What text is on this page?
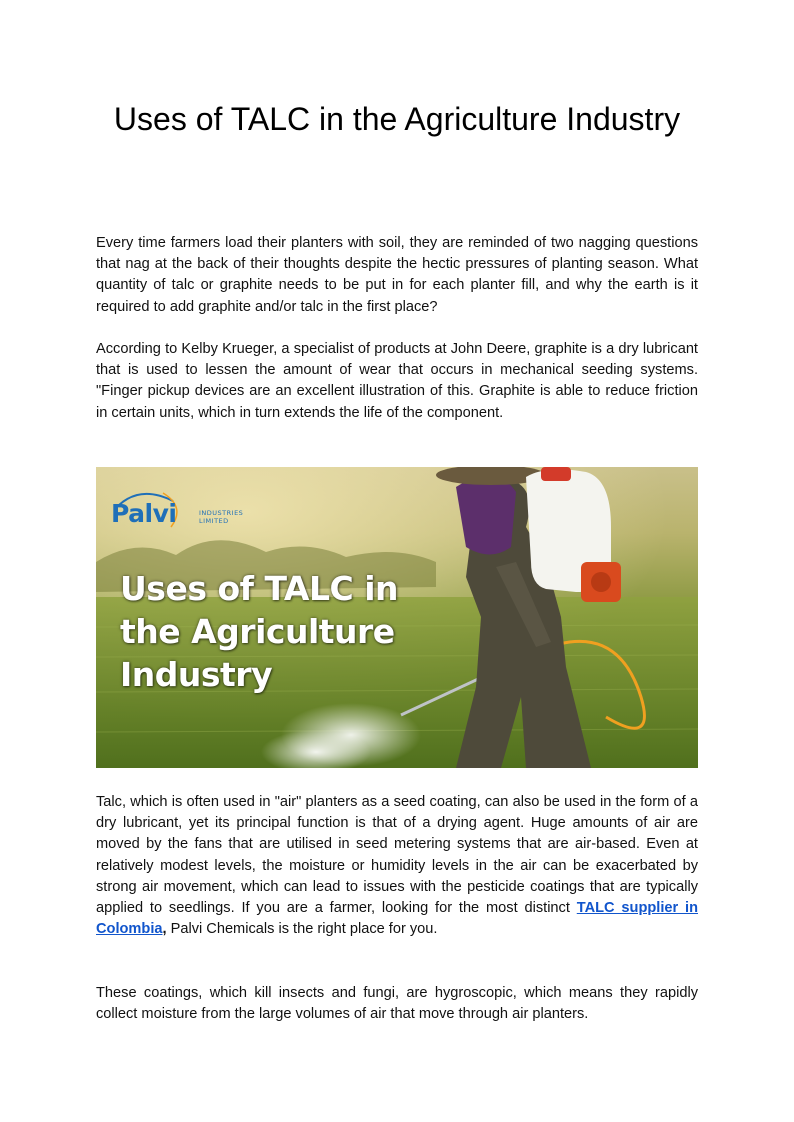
Uses of TALC in the Agriculture Industry

Every time farmers load their planters with soil, they are reminded of two nagging questions that nag at the back of their thoughts despite the hectic pressures of planting season. What quantity of talc or graphite needs to be put in for each planter fill, and why the earth is it required to add graphite and/or talc in the first place?

According to Kelby Krueger, a specialist of products at John Deere, graphite is a dry lubricant that is used to lessen the amount of wear that occurs in mechanical seeding systems. "Finger pickup devices are an excellent illustration of this. Graphite is able to reduce friction in certain units, which in turn extends the life of the component.

Palvi	INDUSTRIES
LIMITED
Uses of TALC in
the Agriculture
Industry

Talc, which is often used in "air" planters as a seed coating, can also be used in the form of a dry lubricant, yet its principal function is that of a drying agent. Huge amounts of air are moved by the fans that are utilised in seed metering systems that are air-based. Even at relatively modest levels, the moisture or humidity levels in the air can be exacerbated by strong air movement, which can lead to issues with the pesticide coatings that are typically applied to seedlings. If you are a farmer, looking for the most distinct TALC supplier in Colombia, Palvi Chemicals is the right place for you.

These coatings, which kill insects and fungi, are hygroscopic, which means they rapidly collect moisture from the large volumes of air that move through air planters.
